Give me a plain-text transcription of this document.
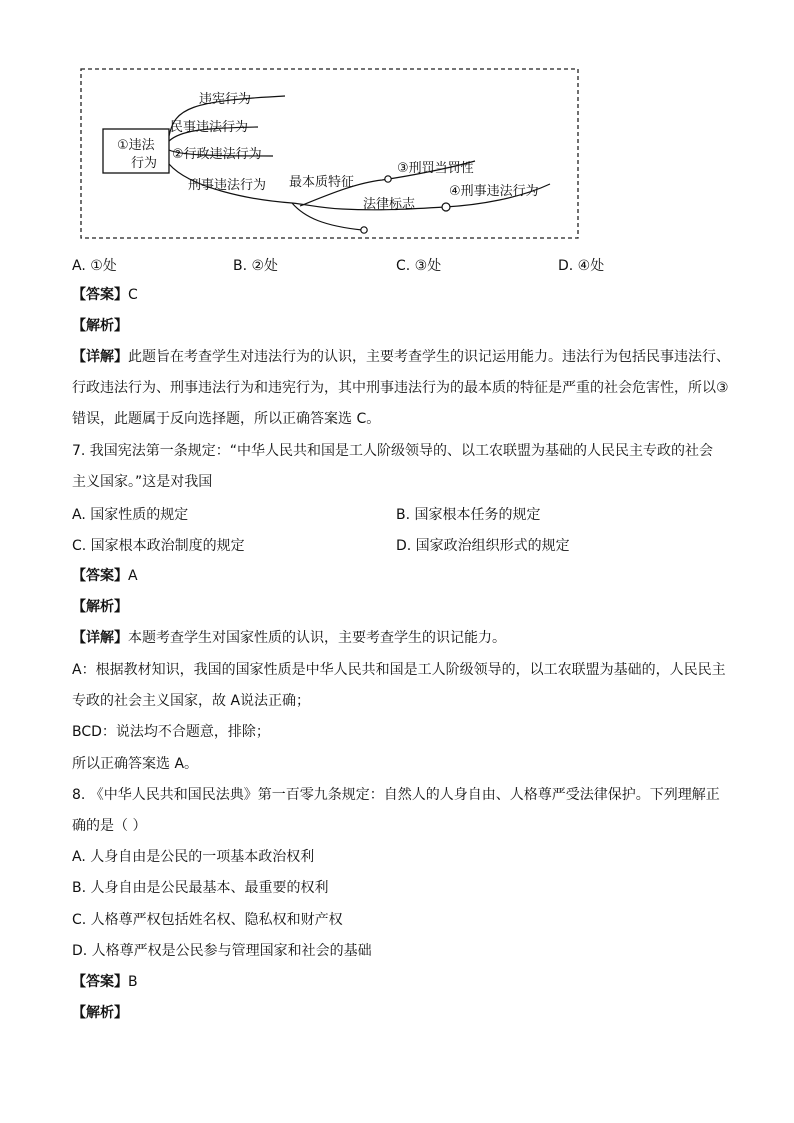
①违法
行为
违宪行为
民事违法行为
②行政违法行为
刑事违法行为 最本质特征
③刑罚当罚性
法律标志
④刑事违法行为
A. ①处	B. ②处	C. ③处	D. ④处
【答案】C
【解析】
【详解】此题旨在考查学生对违法行为的认识，主要考查学生的识记运用能力。违法行为包括民事违法行、
行政违法行为、刑事违法行为和违宪行为，其中刑事违法行为的最本质的特征是严重的社会危害性，所以③
错误，此题属于反向选择题，所以正确答案选 C。
7. 我国宪法第一条规定：“中华人民共和国是工人阶级领导的、以工农联盟为基础的人民民主专政的社会
主义国家。”这是对我国
A. 国家性质的规定	B. 国家根本任务的规定
C. 国家根本政治制度的规定	D. 国家政治组织形式的规定
【答案】A
【解析】
【详解】本题考查学生对国家性质的认识，主要考查学生的识记能力。
A：根据教材知识，我国的国家性质是中华人民共和国是工人阶级领导的，以工农联盟为基础的，人民民主
专政的社会主义国家，故 A说法正确；
BCD：说法均不合题意，排除；
所以正确答案选 A。
8. 《中华人民共和国民法典》第一百零九条规定：自然人的人身自由、人格尊严受法律保护。下列理解正
确的是（ ）
A. 人身自由是公民的一项基本政治权利
B. 人身自由是公民最基本、最重要的权利
C. 人格尊严权包括姓名权、隐私权和财产权
D. 人格尊严权是公民参与管理国家和社会的基础
【答案】B
【解析】
